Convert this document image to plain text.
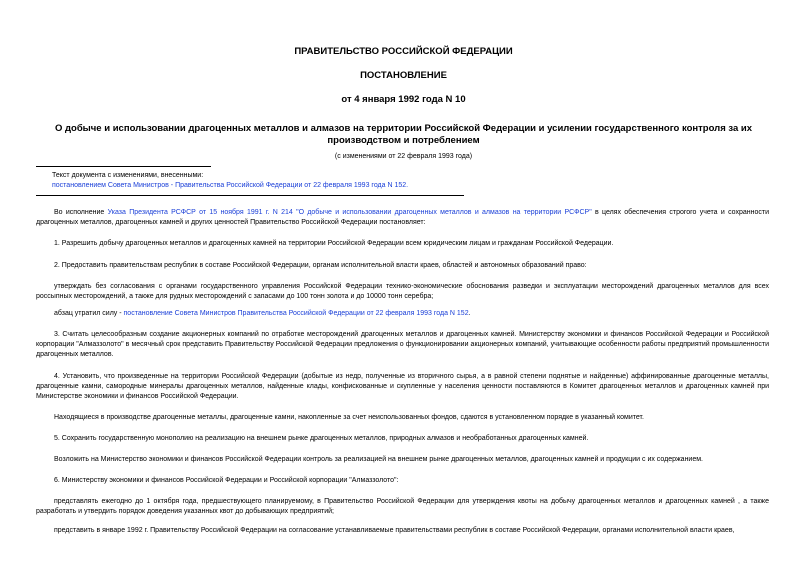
ПРАВИТЕЛЬСТВО РОССИЙСКОЙ ФЕДЕРАЦИИ
ПОСТАНОВЛЕНИЕ
от 4 января 1992 года N 10
О добыче и использовании драгоценных металлов и алмазов на территории Российской Федерации и усилении государственного контроля за их производством и потреблением
(с изменениями от 22 февраля 1993 года)
Текст документа с изменениями, внесенными:
постановлением Совета Министров - Правительства Российской Федерации от 22 февраля 1993 года N 152.

Во исполнение Указа Президента РСФСР от 15 ноября 1991 г. N 214 "О добыче и использовании драгоценных металлов и алмазов на территории РСФСР" в целях обеспечения строгого учета и сохранности драгоценных металлов, драгоценных камней и других ценностей Правительство Российской Федерации постановляет:

1. Разрешить добычу драгоценных металлов и драгоценных камней на территории Российской Федерации всем юридическим лицам и гражданам Российской Федерации.

2. Предоставить правительствам республик в составе Российской Федерации, органам исполнительной власти краев, областей и автономных образований право:

утверждать без согласования с органами государственного управления Российской Федерации технико-экономические обоснования разведки и эксплуатации месторождений драгоценных металлов для всех россыпных месторождений, а также для рудных месторождений с запасами до 100 тонн золота и до 10000 тонн серебра;

абзац утратил силу - постановление Совета Министров Правительства Российской Федерации от 22 февраля 1993 года N 152.

3. Считать целесообразным создание акционерных компаний по отработке месторождений драгоценных металлов и драгоценных камней. Министерству экономики и финансов Российской Федерации и Российской корпорации "Алмаззолото" в месячный срок представить Правительству Российской Федерации предложения о функционировании акционерных компаний, учитывающие особенности работы предприятий промышленности драгоценных металлов.

4. Установить, что произведенные на территории Российской Федерации (добытые из недр, полученные из вторичного сырья, а в равной степени поднятые и найденные) аффинированные драгоценные металлы, драгоценные камни, самородные минералы драгоценных металлов, найденные клады, конфискованные и скупленные у населения ценности поставляются в Комитет драгоценных металлов и драгоценных камней при Министерстве экономики и финансов Российской Федерации.

Находящиеся в производстве драгоценные металлы, драгоценные камни, накопленные за счет неиспользованных фондов, сдаются в установленном порядке в указанный комитет.

5. Сохранить государственную монополию на реализацию на внешнем рынке драгоценных металлов, природных алмазов и необработанных драгоценных камней.

Возложить на Министерство экономики и финансов Российской Федерации контроль за реализацией на внешнем рынке драгоценных металлов, драгоценных камней и продукции с их содержанием.

6. Министерству экономики и финансов Российской Федерации и Российской корпорации "Алмаззолото":

представлять ежегодно до 1 октября года, предшествующего планируемому, в Правительство Российской Федерации для утверждения квоты на добычу драгоценных металлов и драгоценных камней , а также разработать и утвердить порядок доведения указанных квот до добывающих предприятий;

представить в январе 1992 г. Правительству Российской Федерации на согласование устанавливаемые правительствами республик в составе Российской Федерации, органами исполнительной власти краев,
